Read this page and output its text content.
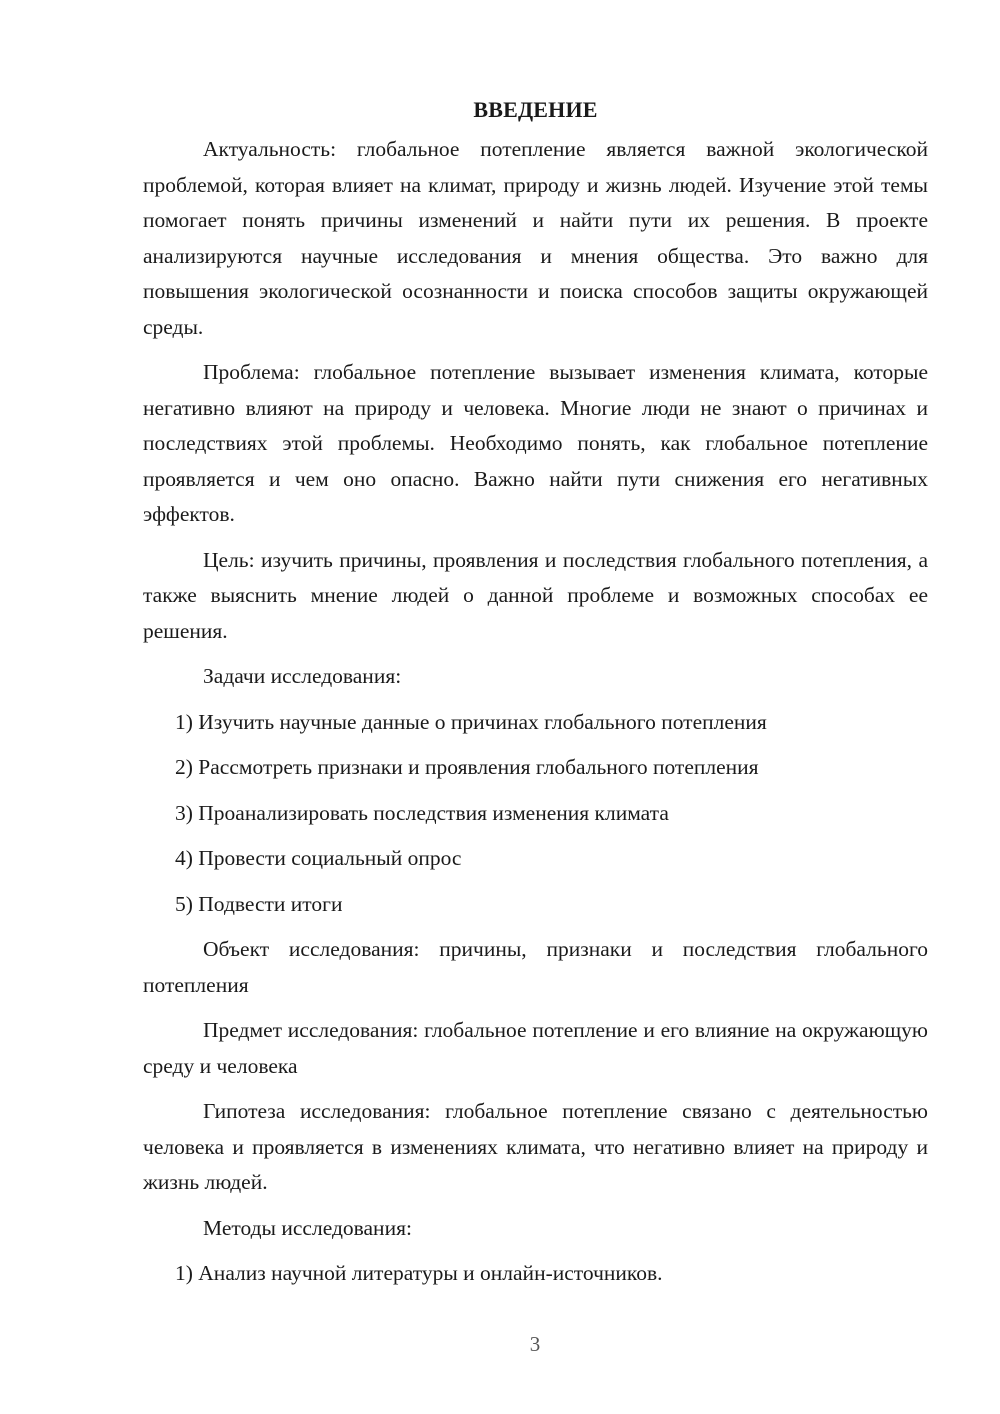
ВВЕДЕНИЕ

Актуальность: глобальное потепление является важной экологической проблемой, которая влияет на климат, природу и жизнь людей. Изучение этой темы помогает понять причины изменений и найти пути их решения. В проекте анализируются научные исследования и мнения общества. Это важно для повышения экологической осознанности и поиска способов защиты окружающей среды.

Проблема: глобальное потепление вызывает изменения климата, которые негативно влияют на природу и человека. Многие люди не знают о причинах и последствиях этой проблемы. Необходимо понять, как глобальное потепление проявляется и чем оно опасно. Важно найти пути снижения его негативных эффектов.

Цель: изучить причины, проявления и последствия глобального потепления, а также выяснить мнение людей о данной проблеме и возможных способах ее решения.

Задачи исследования:
1) Изучить научные данные о причинах глобального потепления
2) Рассмотреть признаки и проявления глобального потепления
3) Проанализировать последствия изменения климата
4) Провести социальный опрос
5) Подвести итоги

Объект исследования: причины, признаки и последствия глобального потепления

Предмет исследования: глобальное потепление и его влияние на окружающую среду и человека

Гипотеза исследования: глобальное потепление связано с деятельностью человека и проявляется в изменениях климата, что негативно влияет на природу и жизнь людей.

Методы исследования:
1) Анализ научной литературы и онлайн-источников.
3
